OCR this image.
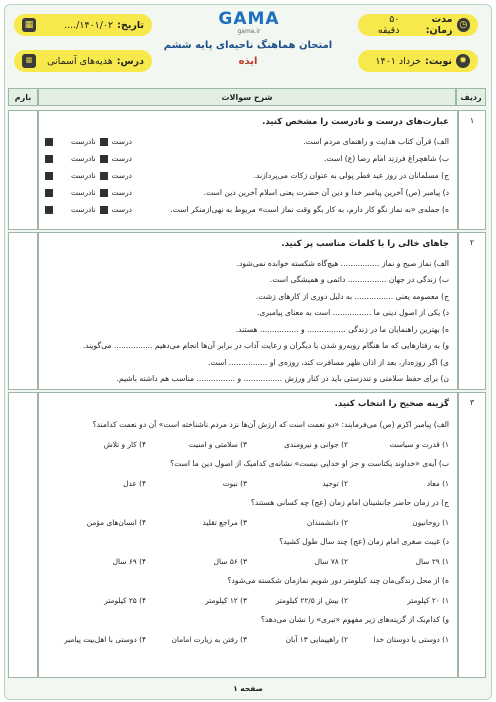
◷
مدت زمان:
۵۰ دقیقه
✹
نوبت:
خرداد ۱۴۰۱
تاریخ:
۱۴۰۱/۰۲/....
▦
درس:
هدیه‌های آسمانی
≡
GAMA
gama.ir
امتحان هماهنگ ناحیه‌ای پایه ششم
ایذه
ردیف
شرح سوالات
بارم
۱
عبارت‌های درست و نادرست را مشخص کنید.
الف) قرآن کتاب هدایت و راهنمای مردم است.
درست
نادرست
ب) شاهچراغ فرزند امام رضا (ع) است.
درست
نادرست
ج) مسلمانان در روز عید فطر پولی به عنوان زکات می‌پردازند.
درست
نادرست
د) پیامبر (ص) آخرین پیامبر خدا و دین آن حضرت یعنی اسلام آخرین دین است.
درست
نادرست
ه) جمله‌ی «به نماز نگو کار دارم، به کار بگو وقت نماز است» مربوط به نهی‌ازمنکر است.
درست
نادرست
۲
جاهای خالی را با کلمات مناسب پر کنید.
الف) نماز صبح و نماز ................ هیچ‌گاه شکسته خوانده نمی‌شود.
ب) زندگی در جهان ................ دائمی و همیشگی است.
ج) معصومه یعنی ................ به دلیل دوری از کارهای زشت.
د) یکی از اصول دینی ما ................ است به معنای پیامبری.
ه) بهترین راهنمایان ما در زندگی ................ و ................ هستند.
و) به رفتارهایی که ما هنگام روبه‌رو شدن با دیگران و رعایت آداب در برابر آن‌ها انجام می‌دهیم ................ می‌گویند.
ی) اگر روزه‌دار، بعد از اذان ظهر مسافرت کند، روزه‌ی او ................ است.
ن) برای حفظ سلامتی و تندرستی باید در کنار ورزش ................ و ................ مناسب هم داشته باشیم.
۳
گزینه صحیح را انتخاب کنید.
الف) پیامبر اکرم (ص) می‌فرمایند: «دو نعمت است که ارزش آن‌ها نزد مردم ناشناخته است» آن دو نعمت کدامند؟
۱) قدرت و سیاست
۲) جوانی و نیرومندی
۳) سلامتی و امنیت
۴) کار و تلاش
ب) آیه‌ی «خداوند یکتاست و جز او خدایی نیست» نشانه‌ی کدامیک از اصول دین ما است؟
۱) معاد
۲) توحید
۳) نبوت
۴) عدل
ج) در زمان حاضر جانشینان امام زمان (عج) چه کسانی هستند؟
۱) روحانیون
۲) دانشمندان
۳) مراجع تقلید
۴) انسان‌های مؤمن
د) غیبت صغری امام زمان (عج) چند سال طول کشید؟
۱) ۲۹ سال
۲) ۷۸ سال
۳) ۵۶ سال
۴) ۶۹ سال
ه) از محل زندگی‌مان چند کیلومتر دور شویم نمازمان شکسته می‌شود؟
۱) ۲۰ کیلومتر
۲) بیش از ۲۲/۵ کیلومتر
۳) ۱۲ کیلومتر
۴) ۲۵ کیلومتر
و) کدام‌یک از گزینه‌های زیر مفهوم «تبری» را نشان می‌دهد؟
۱) دوستی با دوستان خدا
۲) راهپیمایی ۱۳ آبان
۳) رفتن به زیارت امامان
۴) دوستی با اهل‌بیت پیامبر
صفحه ۱
